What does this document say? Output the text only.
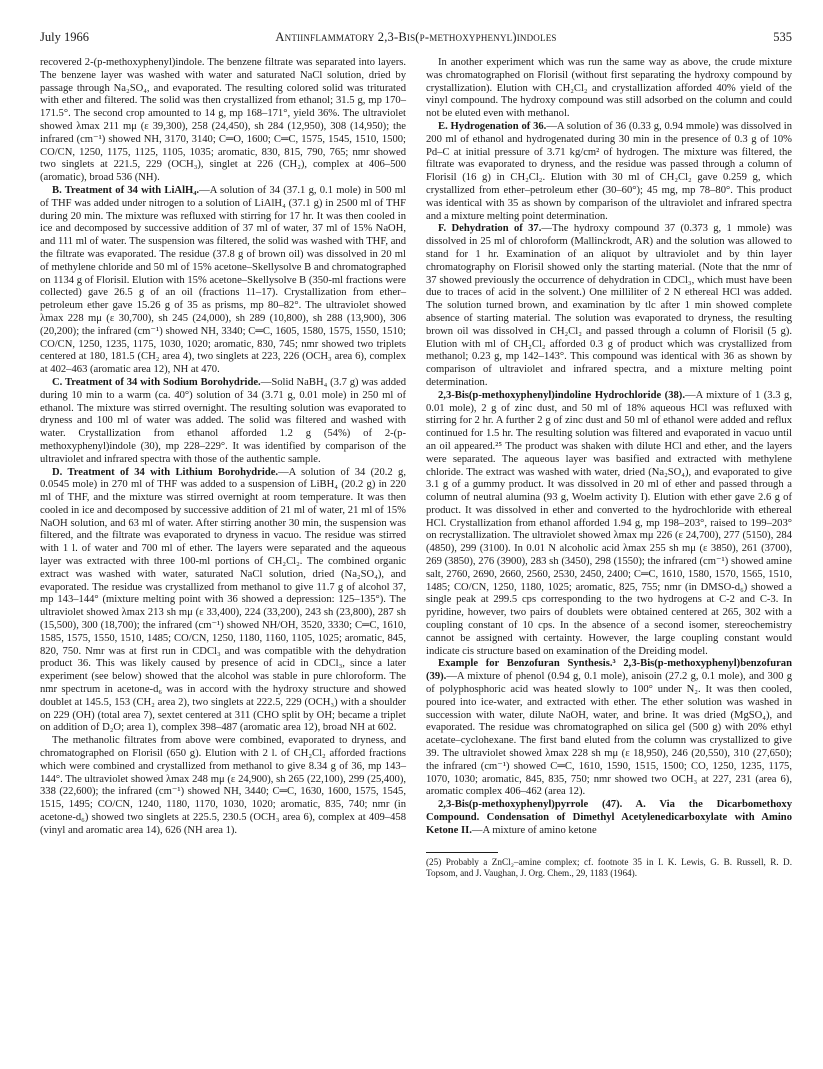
July 1966	Antiinflammatory 2,3-Bis(p-methoxyphenyl)indoles	535

recovered 2-(p-methoxyphenyl)indole. The benzene filtrate was separated into layers. The benzene layer was washed with water and saturated NaCl solution, dried by passage through Na₂SO₄, and evaporated. The resulting colored solid was triturated with ether and filtered. The solid was then crystallized from ethanol; 31.5 g, mp 170–171.5°. The second crop amounted to 14 g, mp 168–171°, yield 36%. The ultraviolet showed λmax 211 mμ (ε 39,300), 258 (24,450), sh 284 (12,950), 308 (14,950); the infrared (cm⁻¹) showed NH, 3170, 3140; C═O, 1600; C═C, 1575, 1545, 1510, 1500; CO/CN, 1250, 1175, 1125, 1105, 1035; aromatic, 830, 815, 790, 765; nmr showed two singlets at 221.5, 229 (OCH₃), singlet at 226 (CH₂), complex at 406–500 (aromatic), broad 536 (NH).

B. Treatment of 34 with LiAlH₄.—A solution of 34 (37.1 g, 0.1 mole) in 500 ml of THF was added under nitrogen to a solution of LiAlH₄ (37.1 g) in 2500 ml of THF during 20 min. The mixture was refluxed with stirring for 17 hr. It was then cooled in ice and decomposed by successive addition of 37 ml of water, 37 ml of 15% NaOH, and 111 ml of water. The suspension was filtered, the solid was washed with THF, and the filtrate was evaporated. The residue (37.8 g of brown oil) was dissolved in 20 ml of methylene chloride and 50 ml of 15% acetone–Skellysolve B and chromatographed on 1134 g of Florisil. Elution with 15% acetone–Skellysolve B (350-ml fractions were collected) gave 26.5 g of an oil (fractions 11–17). Crystallization from ether–petroleum ether gave 15.26 g of 35 as prisms, mp 80–82°. The ultraviolet showed λmax 228 mμ (ε 30,700), sh 245 (24,000), sh 289 (10,800), sh 288 (13,900), 306 (20,200); the infrared (cm⁻¹) showed NH, 3340; C═C, 1605, 1580, 1575, 1550, 1510; CO/CN, 1250, 1235, 1175, 1030, 1020; aromatic, 830, 745; nmr showed two triplets centered at 180, 181.5 (CH₂ area 4), two singlets at 223, 226 (OCH₃ area 6), complex at 402–463 (aromatic area 12), NH at 470.

C. Treatment of 34 with Sodium Borohydride.—Solid NaBH₄ (3.7 g) was added during 10 min to a warm (ca. 40°) solution of 34 (3.71 g, 0.01 mole) in 250 ml of ethanol. The mixture was stirred overnight. The resulting solution was evaporated to dryness and 100 ml of water was added. The solid was filtered and washed with water. Crystallization from ethanol afforded 1.2 g (54%) of 2-(p-methoxyphenyl)indole (30), mp 228–229°. It was identified by comparison of the ultraviolet and infrared spectra with those of the authentic sample.

D. Treatment of 34 with Lithium Borohydride.—A solution of 34 (20.2 g, 0.0545 mole) in 270 ml of THF was added to a suspension of LiBH₄ (20.2 g) in 220 ml of THF, and the mixture was stirred overnight at room temperature. It was then cooled in ice and decomposed by successive addition of 21 ml of water, 21 ml of 15% NaOH solution, and 63 ml of water. After stirring another 30 min, the suspension was filtered, and the filtrate was evaporated to dryness in vacuo. The residue was stirred with 1 l. of water and 700 ml of ether. The layers were separated and the aqueous layer was extracted with three 100-ml portions of CH₂Cl₂. The combined organic extract was washed with water, saturated NaCl solution, dried (Na₂SO₄), and evaporated. The residue was crystallized from methanol to give 11.7 g of alcohol 37, mp 143–144° (mixture melting point with 36 showed a depression: 125–135°). The ultraviolet showed λmax 213 sh mμ (ε 33,400), 224 (33,200), 243 sh (23,800), 287 sh (15,500), 300 (18,700); the infrared (cm⁻¹) showed NH/OH, 3520, 3330; C═C, 1610, 1585, 1575, 1550, 1510, 1485; CO/CN, 1250, 1180, 1160, 1105, 1025; aromatic, 845, 820, 750. Nmr was at first run in CDCl₃ and was compatible with the dehydration product 36. This was likely caused by presence of acid in CDCl₃, since a later experiment (see below) showed that the alcohol was stable in pure chloroform. The nmr spectrum in acetone-d₆ was in accord with the hydroxy structure and showed doublet at 145.5, 153 (CH₂ area 2), two singlets at 222.5, 229 (OCH₃) with a shoulder on 229 (OH) (total area 7), sextet centered at 311 (CHO split by OH; became a triplet on addition of D₂O; area 1), complex 398–487 (aromatic area 12), broad NH at 602.

The methanolic filtrates from above were combined, evaporated to dryness, and chromatographed on Florisil (650 g). Elution with 2 l. of CH₂Cl₂ afforded fractions which were combined and crystallized from methanol to give 8.34 g of 36, mp 143–144°. The ultraviolet showed λmax 248 mμ (ε 24,900), sh 265 (22,100), 299 (25,400), 338 (22,600); the infrared (cm⁻¹) showed NH, 3440; C═C, 1630, 1600, 1575, 1545, 1515, 1495; CO/CN, 1240, 1180, 1170, 1030, 1020; aromatic, 835, 740; nmr (in acetone-d₆) showed two singlets at 225.5, 230.5 (OCH₃ area 6), complex at 409–458 (vinyl and aromatic area 14), 626 (NH area 1).

In another experiment which was run the same way as above, the crude mixture was chromatographed on Florisil (without first separating the hydroxy compound by crystallization). Elution with CH₂Cl₂ and crystallization afforded 40% yield of the vinyl compound. The hydroxy compound was still adsorbed on the column and could not be eluted even with methanol.

E. Hydrogenation of 36.—A solution of 36 (0.33 g, 0.94 mmole) was dissolved in 200 ml of ethanol and hydrogenated during 30 min in the presence of 0.3 g of 10% Pd–C at initial pressure of 3.71 kg/cm² of hydrogen. The mixture was filtered, the filtrate was evaporated to dryness, and the residue was passed through a column of Florisil (16 g) in CH₂Cl₂. Elution with 30 ml of CH₂Cl₂ gave 0.259 g, which crystallized from ether–petroleum ether (30–60°); 45 mg, mp 78–80°. This product was identical with 35 as shown by comparison of the ultraviolet and infrared spectra and a mixture melting point determination.

F. Dehydration of 37.—The hydroxy compound 37 (0.373 g, 1 mmole) was dissolved in 25 ml of chloroform (Mallinckrodt, AR) and the solution was allowed to stand for 1 hr. Examination of an aliquot by ultraviolet and by thin layer chromatography on Florisil showed only the starting material. (Note that the nmr of 37 showed previously the occurrence of dehydration in CDCl₃, which must have been due to traces of acid in the solvent.) One milliliter of 2 N ethereal HCl was added. The solution turned brown, and examination by tlc after 1 min showed complete absence of starting material. The solution was evaporated to dryness, the resulting brown oil was dissolved in CH₂Cl₂ and passed through a column of Florisil (5 g). Elution with ml of CH₂Cl₂ afforded 0.3 g of product which was crystallized from methanol; 0.23 g, mp 142–143°. This compound was identical with 36 as shown by comparison of ultraviolet and infrared spectra, and a mixture melting point determination.

2,3-Bis(p-methoxyphenyl)indoline Hydrochloride (38).—A mixture of 1 (3.3 g, 0.01 mole), 2 g of zinc dust, and 50 ml of 18% aqueous HCl was refluxed with stirring for 2 hr. A further 2 g of zinc dust and 50 ml of ethanol were added and reflux continued for 1.5 hr. The resulting solution was filtered and evaporated in vacuo until an oil appeared.²⁵ The product was shaken with dilute HCl and ether, and the layers were separated. The aqueous layer was basified and extracted with methylene chloride. The extract was washed with water, dried (Na₂SO₄), and evaporated to give 3.1 g of a gummy product. It was dissolved in 20 ml of ether and passed through a column of neutral alumina (93 g, Woelm activity I). Elution with ether gave 2.6 g of product. It was dissolved in ether and converted to the hydrochloride with ethereal HCl. Crystallization from ethanol afforded 1.94 g, mp 198–203°, raised to 199–203° on recrystallization. The ultraviolet showed λmax mμ 226 (ε 24,700), 277 (5150), 284 (4850), 299 (3100). In 0.01 N alcoholic acid λmax 255 sh mμ (ε 3850), 261 (3700), 269 (3850), 276 (3900), 283 sh (3450), 298 (1550); the infrared (cm⁻¹) showed amine salt, 2760, 2690, 2660, 2560, 2530, 2450, 2400; C═C, 1610, 1580, 1570, 1565, 1510, 1485; CO/CN, 1250, 1180, 1025; aromatic, 825, 755; nmr (in DMSO-d₆) showed a single peak at 299.5 cps corresponding to the two hydrogens at C-2 and C-3. In pyridine, however, two pairs of doublets were obtained centered at 265, 302 with a coupling constant of 10 cps. In the absence of a second isomer, stereochemistry cannot be assigned with certainty. However, the large coupling constant would indicate cis structure based on examination of the Dreiding model.

Example for Benzofuran Synthesis.³ 2,3-Bis(p-methoxyphenyl)benzofuran (39).—A mixture of phenol (0.94 g, 0.1 mole), anisoin (27.2 g, 0.1 mole), and 300 g of polyphosphoric acid was heated slowly to 100° under N₂. It was then cooled, poured into ice-water, and extracted with ether. The ether solution was washed in succession with water, dilute NaOH, water, and brine. It was dried (MgSO₄), and evaporated. The residue was chromatographed on silica gel (500 g) with 20% ethyl acetate–cyclohexane. The first band eluted from the column was crystallized to give 39. The ultraviolet showed λmax 228 sh mμ (ε 18,950), 246 (20,550), 310 (27,650); the infrared (cm⁻¹) showed C═C, 1610, 1590, 1515, 1500; CO, 1250, 1235, 1175, 1070, 1030; aromatic, 845, 835, 750; nmr showed two OCH₃ at 227, 231 (area 6), aromatic complex 406–462 (area 12).

2,3-Bis(p-methoxyphenyl)pyrrole (47). A. Via the Dicarbomethoxy Compound. Condensation of Dimethyl Acetylenedicarboxylate with Amino Ketone II.—A mixture of amino ketone

(25) Probably a ZnCl₂–amine complex; cf. footnote 35 in I. K. Lewis, G. B. Russell, R. D. Topsom, and J. Vaughan, J. Org. Chem., 29, 1183 (1964).
